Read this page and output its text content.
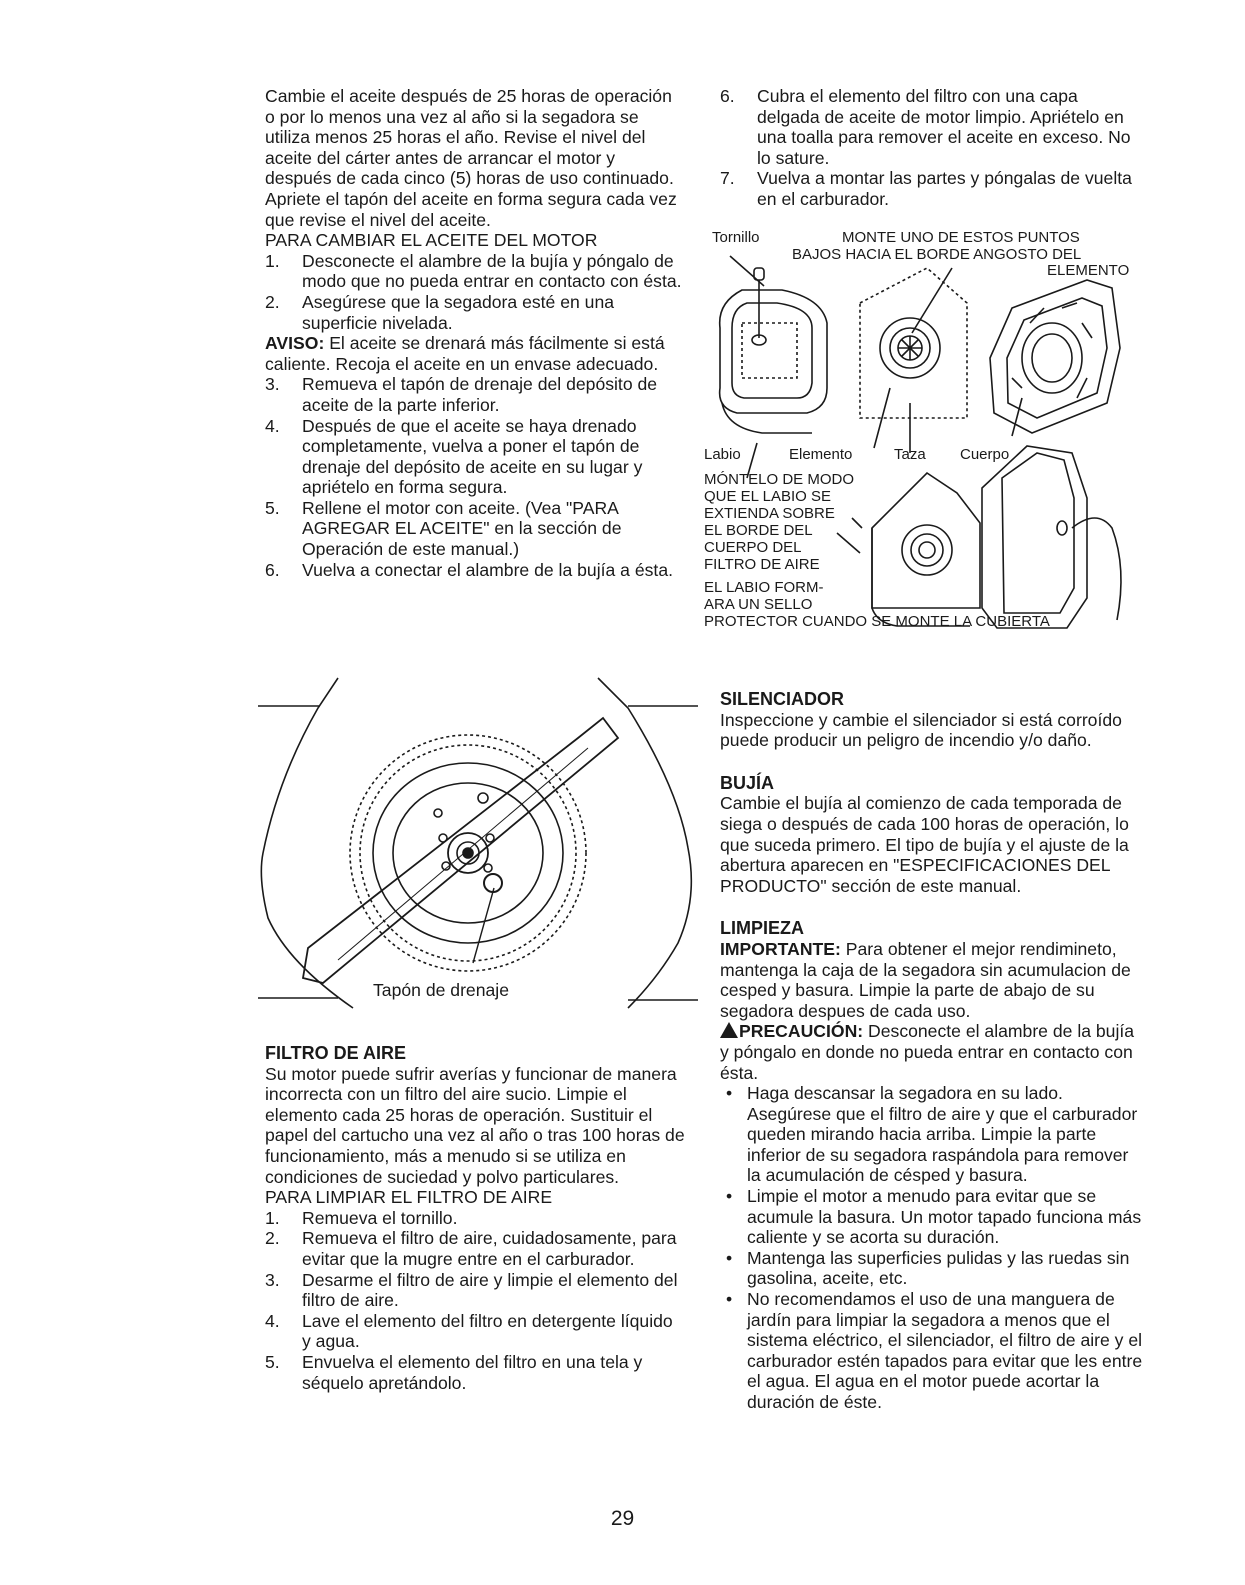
Cambie el aceite después de 25 horas de operación o por lo menos una vez al año si la segadora se utiliza menos 25 horas el año. Revise el nivel del aceite del cárter antes de arrancar el motor y después de cada cinco (5) horas de uso continuado. Apriete el tapón del aceite en forma segura cada vez que revise el nivel del aceite.

PARA CAMBIAR EL ACEITE DEL MOTOR

1. Desconecte el alambre de la bujía y póngalo de modo que no pueda entrar en contacto con ésta.
2. Asegúrese que la segadora esté en una superficie nivelada.

AVISO: El aceite se drenará más fácilmente si está caliente. Recoja el aceite en un envase adecuado.

3. Remueva el tapón de drenaje del depósito de aceite de la parte inferior.
4. Después de que el aceite se haya drenado completamente, vuelva a poner el tapón de drenaje del depósito de aceite en su lugar y apriételo en forma segura.
5. Rellene el motor con aceite. (Vea "PARA AGREGAR EL ACEITE" en la sección de Operación de este manual.)
6. Vuelva a conectar el alambre de la bujía a ésta.
Tapón de drenaje

FILTRO DE AIRE

Su motor puede sufrir averías y funcionar de manera incorrecta con un filtro del aire sucio. Limpie el elemento cada 25 horas de operación. Sustituir el papel del cartucho una vez al año o tras 100 horas de funcionamiento, más a menudo si se utiliza en condiciones de suciedad y polvo particulares.

PARA LIMPIAR EL FILTRO DE AIRE

1. Remueva el tornillo.
2. Remueva el filtro de aire, cuidadosamente, para evitar que la mugre entre en el carburador.
3. Desarme el filtro de aire y limpie el elemento del filtro de aire.
4. Lave el elemento del filtro en detergente líquido y agua.
5. Envuelva el elemento del filtro en una tela y séquelo apretándolo.
6. Cubra el elemento del filtro con una capa delgada de aceite de motor limpio. Apriételo en una toalla para remover el aceite en exceso. No lo sature.
7. Vuelva a montar las partes y póngalas de vuelta en el carburador.
Tornillo	MONTE UNO DE ESTOS PUNTOS
BAJOS HACIA EL BORDE ANGOSTO DEL
ELEMENTO
Labio	Elemento	Taza Cuerpo
MÓNTELO DE MODO
QUE EL LABIO SE
EXTIENDA SOBRE
EL BORDE DEL
CUERPO DEL
FILTRO DE AIRE
EL LABIO FORM-
ARA UN SELLO
PROTECTOR CUANDO SE MONTE LA CUBIERTA

SILENCIADOR

Inspeccione y cambie el silenciador si está corroído puede producir un peligro de incendio y/o daño.

BUJÍA

Cambie el bujía al comienzo de cada temporada de siega o después de cada 100 horas de operación, lo que suceda primero. El tipo de bujía y el ajuste de la abertura aparecen en "ESPECIFICACIONES DEL PRODUCTO" sección de este manual.

LIMPIEZA

IMPORTANTE: Para obtener el mejor rendimineto, mantenga la caja de la segadora sin acumulacion de cesped y basura. Limpie la parte de abajo de su segadora despues de cada uso.

PRECAUCIÓN: Desconecte el alambre de la bujía y póngalo en donde no pueda entrar en contacto con ésta.

• Haga descansar la segadora en su lado. Asegúrese que el filtro de aire y que el carburador queden mirando hacia arriba. Limpie la parte inferior de su segadora raspándola para remover la acumulación de césped y basura.
• Limpie el motor a menudo para evitar que se acumule la basura. Un motor tapado funciona más caliente y se acorta su duración.
• Mantenga las superficies pulidas y las ruedas sin gasolina, aceite, etc.
• No recomendamos el uso de una manguera de jardín para limpiar la segadora a menos que el sistema eléctrico, el silenciador, el filtro de aire y el carburador estén tapados para evitar que les entre el agua. El agua en el motor puede acortar la duración de éste.
29
